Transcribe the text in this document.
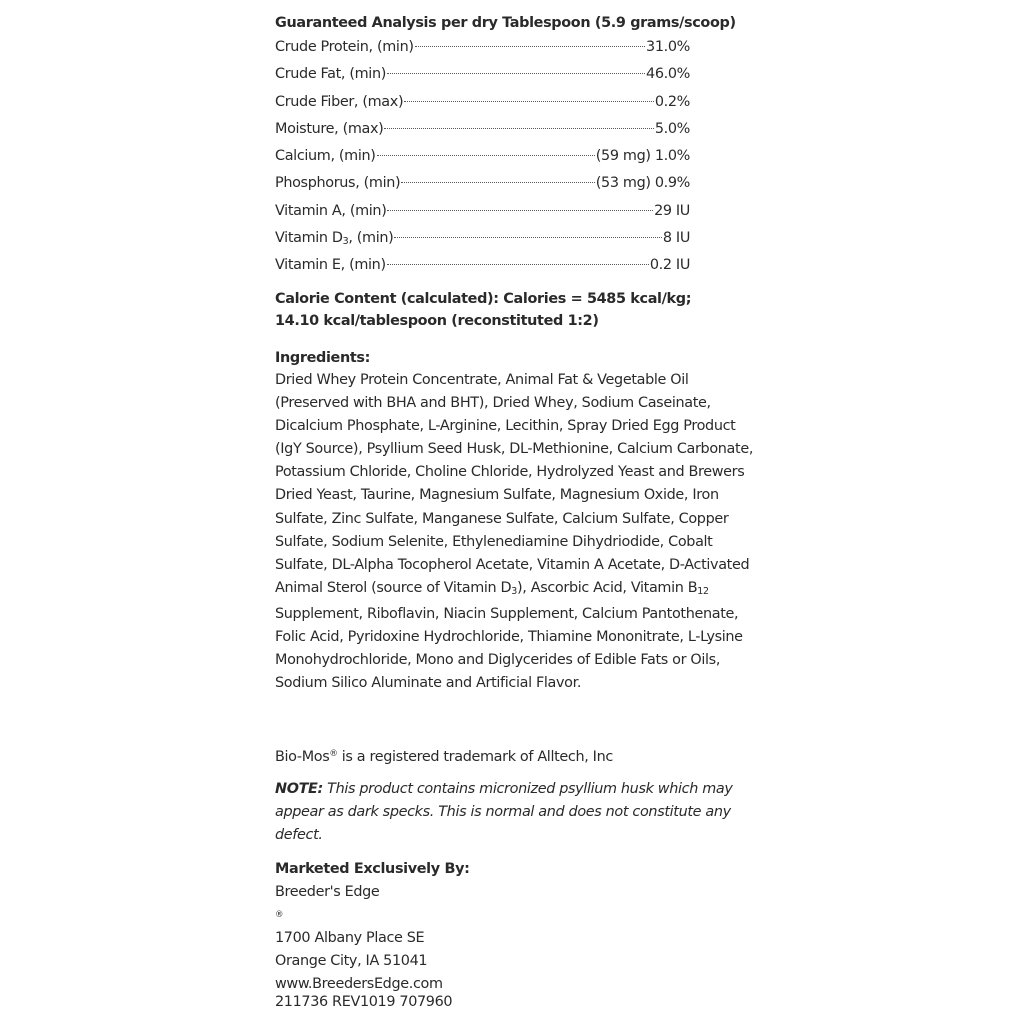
Guaranteed Analysis per dry Tablespoon (5.9 grams/scoop)
Crude Protein, (min)	31.0%
Crude Fat, (min)	46.0%
Crude Fiber, (max)	0.2%
Moisture, (max)	5.0%
Calcium, (min)	(59 mg) 1.0%
Phosphorus, (min)	(53 mg) 0.9%
Vitamin A, (min)	29 IU
Vitamin $D_3$, (min)	8 IU
Vitamin E, (min)	0.2 IU
Calorie Content (calculated): Calories = 5485 kcal/kg;
14.10 kcal/tablespoon (reconstituted 1:2)
Ingredients:
Dried Whey Protein Concentrate, Animal Fat & Vegetable Oil (Preserved with BHA and BHT), Dried Whey, Sodium Caseinate, Dicalcium Phosphate, L-Arginine, Lecithin, Spray Dried Egg Product (IgY Source), Psyllium Seed Husk, DL-Methionine, Calcium Carbonate, Potassium Chloride, Choline Chloride, Hydrolyzed Yeast and Brewers Dried Yeast, Taurine, Magnesium Sulfate, Magnesium Oxide, Iron Sulfate, Zinc Sulfate, Manganese Sulfate, Calcium Sulfate, Copper Sulfate, Sodium Selenite, Ethylenediamine Dihydriodide, Cobalt Sulfate, DL-Alpha Tocopherol Acetate, Vitamin A Acetate, D-Activated Animal Sterol (source of Vitamin $D_3$), Ascorbic Acid, Vitamin $B_{12}$ Supplement, Riboflavin, Niacin Supplement, Calcium Pantothenate, Folic Acid, Pyridoxine Hydrochloride, Thiamine Mononitrate, L-Lysine Monohydrochloride, Mono and Diglycerides of Edible Fats or Oils, Sodium Silico Aluminate and Artificial Flavor.
Bio-Mos® is a registered trademark of Alltech, Inc
NOTE: This product contains micronized psyllium husk which may appear as dark specks. This is normal and does not constitute any defect.
Marketed Exclusively By:
Breeder's Edge
®
1700 Albany Place SE
Orange City, IA 51041
www.BreedersEdge.com
211736 REV1019 707960
